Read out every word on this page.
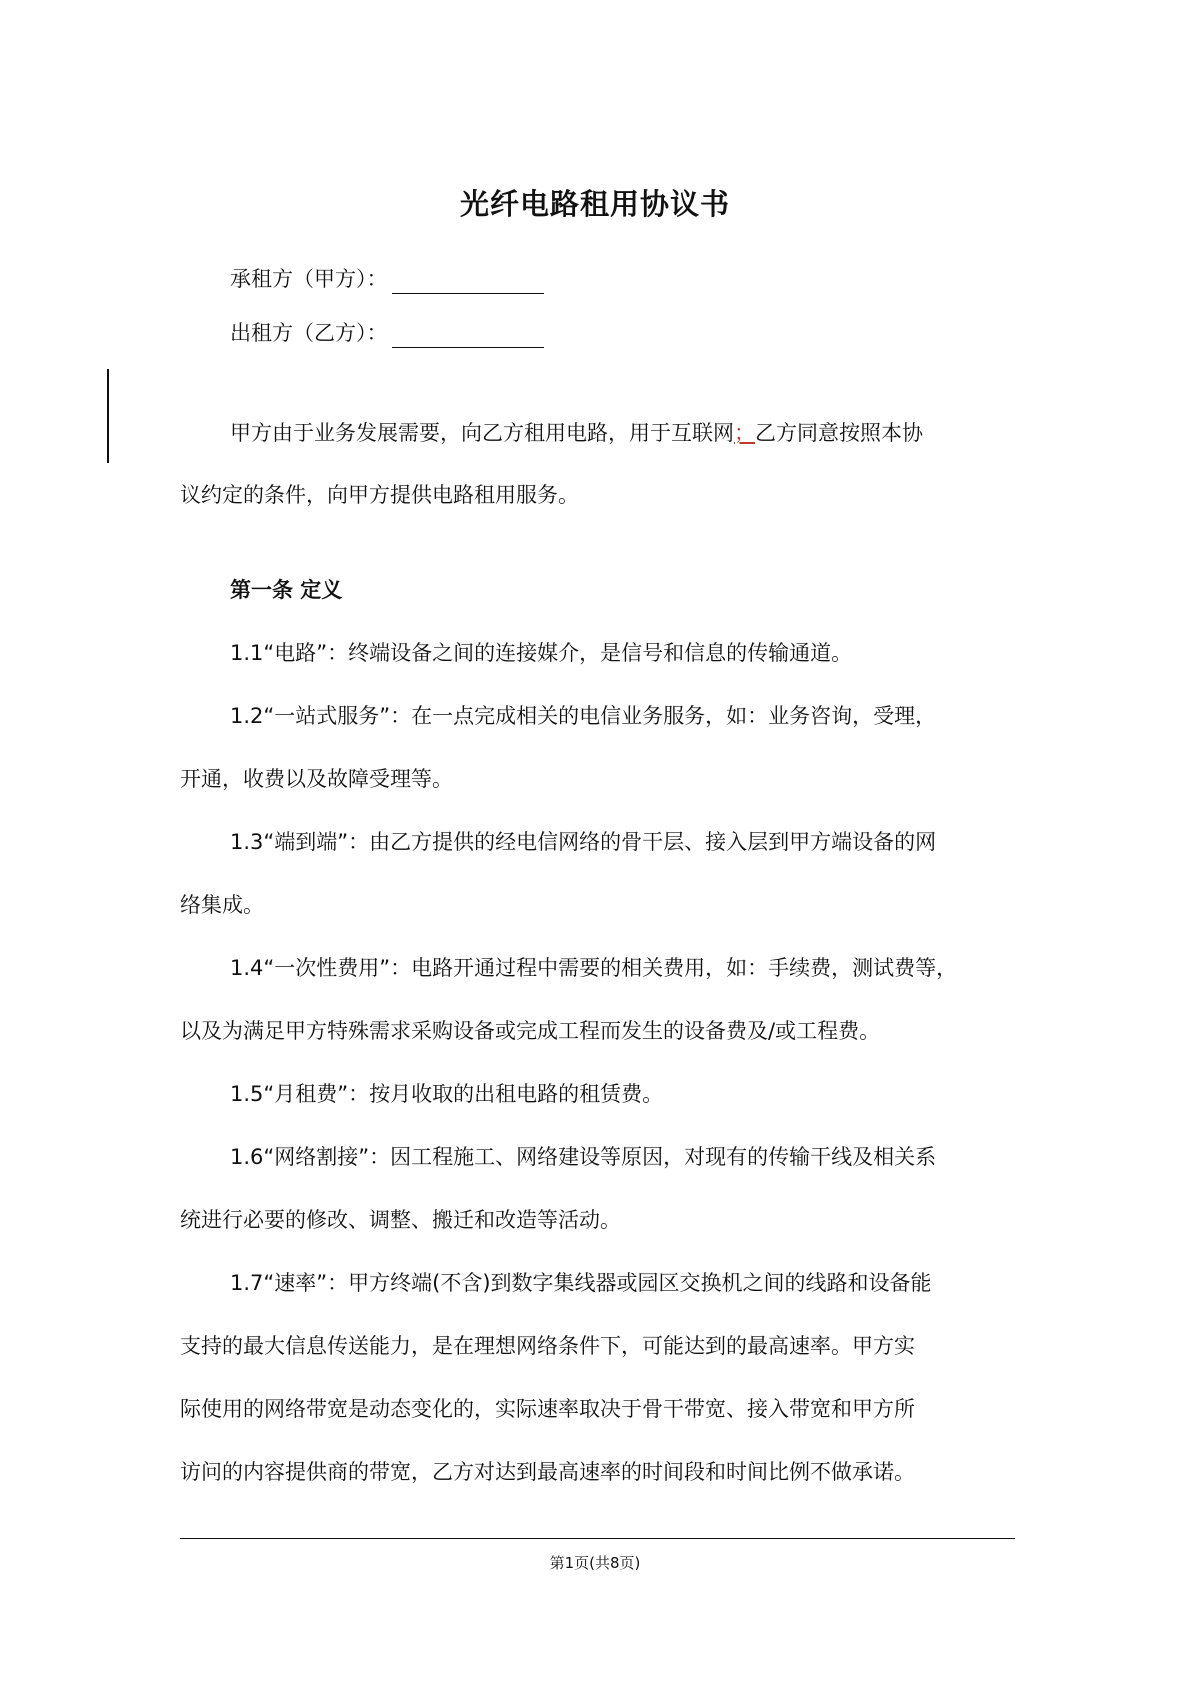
光纤电路租用协议书
承租方（甲方）：
出租方（乙方）：
甲方由于业务发展需要，向乙方租用电路，用于互联网；乙方同意按照本协
议约定的条件，向甲方提供电路租用服务。
第一条 定义
1.1“电路”：终端设备之间的连接媒介，是信号和信息的传输通道。
1.2“一站式服务”：在一点完成相关的电信业务服务，如：业务咨询，受理，
开通，收费以及故障受理等。
1.3“端到端”：由乙方提供的经电信网络的骨干层、接入层到甲方端设备的网
络集成。
1.4“一次性费用”：电路开通过程中需要的相关费用，如：手续费，测试费等，
以及为满足甲方特殊需求采购设备或完成工程而发生的设备费及/或工程费。
1.5“月租费”：按月收取的出租电路的租赁费。
1.6“网络割接”：因工程施工、网络建设等原因，对现有的传输干线及相关系
统进行必要的修改、调整、搬迁和改造等活动。
1.7“速率”：甲方终端(不含)到数字集线器或园区交换机之间的线路和设备能
支持的最大信息传送能力，是在理想网络条件下，可能达到的最高速率。甲方实
际使用的网络带宽是动态变化的，实际速率取决于骨干带宽、接入带宽和甲方所
访问的内容提供商的带宽，乙方对达到最高速率的时间段和时间比例不做承诺。
第1页(共8页)
